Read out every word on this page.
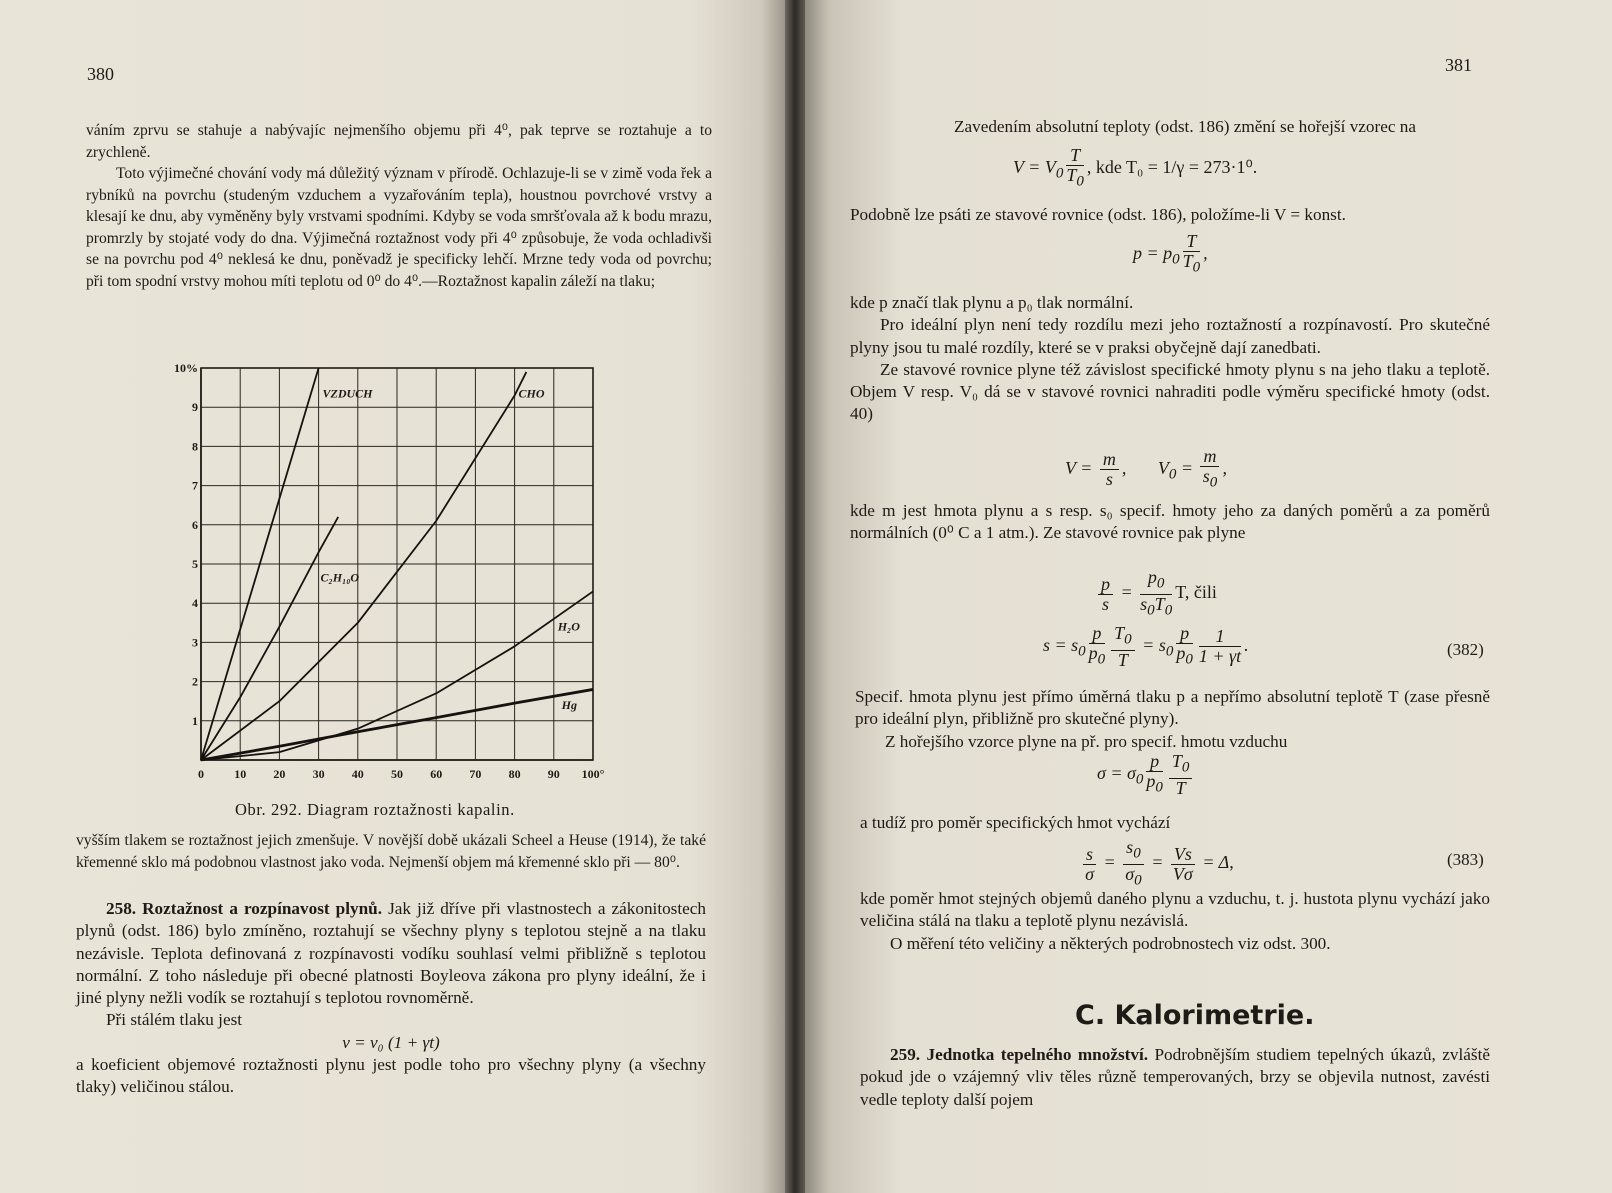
380

váním zprvu se stahuje a nabývajíc nejmenšího objemu při 4⁰, pak teprve se roztahuje a to zrychleně.

Toto výjimečné chování vody má důležitý význam v přírodě. Ochlazuje-li se v zimě voda řek a rybníků na povrchu (studeným vzduchem a vyzařováním tepla), houstnou povrchové vrstvy a klesají ke dnu, aby vyměněny byly vrstvami spodními. Kdyby se voda smršťovala až k bodu mrazu, promrzly by stojaté vody do dna. Výjimečná roztažnost vody při 4⁰ způsobuje, že voda ochladivši se na povrchu pod 4⁰ neklesá ke dnu, poněvadž je specificky lehčí. Mrzne tedy voda od povrchu; při tom spodní vrstvy mohou míti teplotu od 0⁰ do 4⁰.—Roztažnost kapalin záleží na tlaku;

0	10 20 30 40 50 60 70 80 90 100°
1
2
3
4
5
6
7
8
9
10%
VZDUCH
C₂H₁₀O
CHO
H₂O
Hg
Obr. 292. Diagram roztažnosti kapalin.

vyšším tlakem se roztažnost jejich zmenšuje. V novější době ukázali Scheel a Heuse (1914), že také křemenné sklo má podobnou vlastnost jako voda. Nejmenší objem má křemenné sklo při — 80⁰.

258. Roztažnost a rozpínavost plynů. Jak již dříve při vlastnostech a zákonitostech plynů (odst. 186) bylo zmíněno, roztahují se všechny plyny s teplotou stejně a na tlaku nezávisle. Teplota definovaná z rozpínavosti vodíku souhlasí velmi přibližně s teplotou normální. Z toho následuje při obecné platnosti Boyleova zákona pro plyny ideální, že i jiné plyny nežli vodík se roztahují s teplotou rovnoměrně.

Při stálém tlaku jest

v = v₀ (1 + γt)

a koeficient objemové roztažnosti plynu jest podle toho pro všechny plyny (a všechny tlaky) veličinou stálou.

381
Zavedením absolutní teploty (odst. 186) změní se hořejší vzorec na
$V = V_0 \frac{T}{T_0}$ , kde T₀ = 1/γ = 273·1⁰.
Podobně lze psáti ze stavové rovnice (odst. 186), položíme-li V = konst.
$p = p_0 \frac{T}{T_0}$ ,

kde p značí tlak plynu a p₀ tlak normální.

Pro ideální plyn není tedy rozdílu mezi jeho roztažností a rozpínavostí. Pro skutečné plyny jsou tu malé rozdíly, které se v praksi obyčejně dají zanedbati.

Ze stavové rovnice plyne též závislost specifické hmoty plynu s na jeho tlaku a teplotě. Objem V resp. V₀ dá se v stavové rovnici nahraditi podle výměru specifické hmoty (odst. 40)

$V = \frac{m}{s}$ ,       $V_0 = \frac{m}{s_0}$ ,
kde m jest hmota plynu a s resp. s₀ specif. hmoty jeho za daných poměrů a za poměrů normálních (0⁰ C a 1 atm.). Ze stavové rovnice pak plyne
$\frac{p}{s} = \frac{p_0}{s_0T_0} T$, čili
$s = s_0 \frac{p}{p_0} \frac{T_0}{T} = s_0 \frac{p}{p_0} \frac{1}{1 + \gamma t}$ .	(382)

Specif. hmota plynu jest přímo úměrná tlaku p a nepřímo absolutní teplotě T (zase přesně pro ideální plyn, přibližně pro skutečné plyny).

Z hořejšího vzorce plyne na př. pro specif. hmotu vzduchu

$\sigma = \sigma_0 \frac{p}{p_0} \frac{T_0}{T}$
a tudíž pro poměr specifických hmot vychází
$\frac{s}{\sigma} = \frac{s_0}{\sigma_0} = \frac{Vs}{V\sigma} = \Delta$,	(383)

kde poměr hmot stejných objemů daného plynu a vzduchu, t. j. hustota plynu vychází jako veličina stálá na tlaku a teplotě plynu nezávislá.

O měření této veličiny a některých podrobnostech viz odst. 300.

C. Kalorimetrie.

259. Jednotka tepelného množství. Podrobnějším studiem tepelných úkazů, zvláště pokud jde o vzájemný vliv těles různě temperovaných, brzy se objevila nutnost, zavésti vedle teploty další pojem
